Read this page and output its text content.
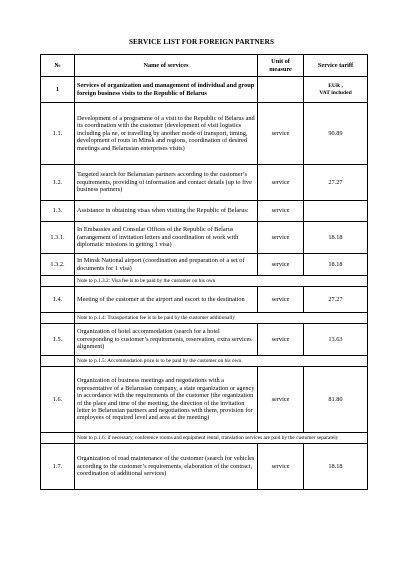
SERVICE LIST FOR FOREIGN PARTNERS
№	Name of services	Unit of measure	Service tariff
1	Services of organization and management of individual and group foreign business visits to the Republic of Belarus		EUR ,
VAT included

1.1.	Development of a programme of a visit to the Republic of Belarus and its coordination with the customer (development of visit logistics including pla ne, or travelling by another mode of transport, timing, development of routs in Minsk and regions, coordination of desired meetings and Belarusian enterprises visits)	service	90.89
1.2.	Targeted search for Belarusian partners according to the customer’s requirements, providing of information and contact details (up to five business partners)	service	27.27
1.3.	Assistance in obtaining visas when visiting the Republic of Belarus:	service	
1.3.1.	In Embassies and Consular Offices of the Republic of Belarus (arrangement of invitation letters and coordination of work with diplomatic missions in getting 1 visa)	service	18.18
1.3.2.	In Minsk National airport (coordination and preparation of a set of documents for 1 visa)	service	18.18
	Note to p.1.3.2: Visa fee is to be paid by the customer on his own		
1.4.	Meeting of the customer at the airport and escort to the destination	service	27.27
	Note to p.1.4: Transportation fee is to be paid by the customer additionally		
1.5.	Organization of hotel accommodation (search for a hotel corresponding to customer’s requirements, reservation, extra services alignment)	service	13.63
	Note to p.1.5: Accommodation price is to be paid by the customer on his own		
1.6.	Organization of business meetings and negotiations with a representative of a Belarusian company, a state organization or agency in accordance with the requirements of the customer (the organization of the place and time of the meeting, the direction of the invitation letter to Belarusian partners and negotiations with them, provision for employees of required level and area at the meeting)	service	81.80
	Note to p.1.6: if necessary, conference rooms and equipment rental, translation services are paid by the customer separately		
1.7.	Organization of road maintenance of the customer (search for vehicles according to the customer’s requirements, elaboration of the contract, coordination of additional services)	service	18.18
